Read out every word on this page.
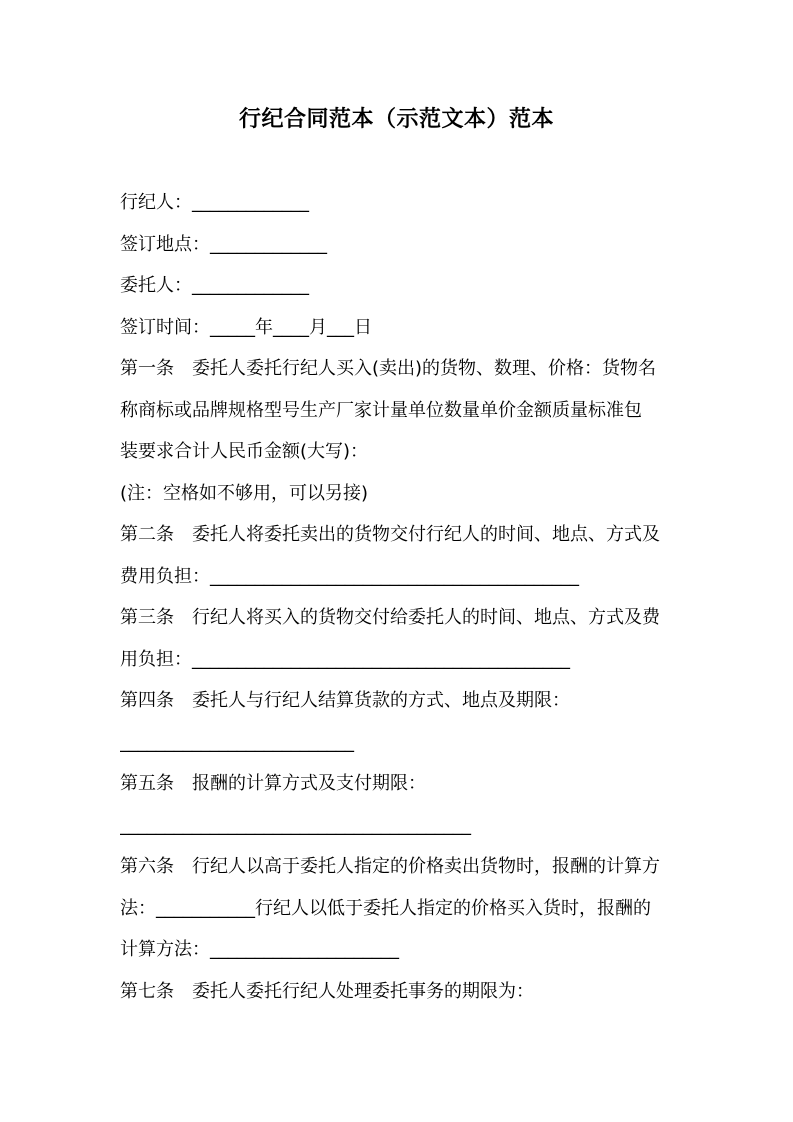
行纪合同范本（示范文本）范本
行纪人：_____________
签订地点：_____________
委托人：_____________
签订时间：_____年____月___日
第一条　委托人委托行纪人买入(卖出)的货物、数理、价格：货物名
称商标或品牌规格型号生产厂家计量单位数量单价金额质量标准包
装要求合计人民币金额(大写)：
(注：空格如不够用，可以另接)
第二条　委托人将委托卖出的货物交付行纪人的时间、地点、方式及
费用负担：_________________________________________
第三条　行纪人将买入的货物交付给委托人的时间、地点、方式及费
用负担：__________________________________________
第四条　委托人与行纪人结算货款的方式、地点及期限：
__________________________
第五条　报酬的计算方式及支付期限：
_______________________________________
第六条　行纪人以高于委托人指定的价格卖出货物时，报酬的计算方
法：___________行纪人以低于委托人指定的价格买入货时，报酬的
计算方法：_____________________
第七条　委托人委托行纪人处理委托事务的期限为：
